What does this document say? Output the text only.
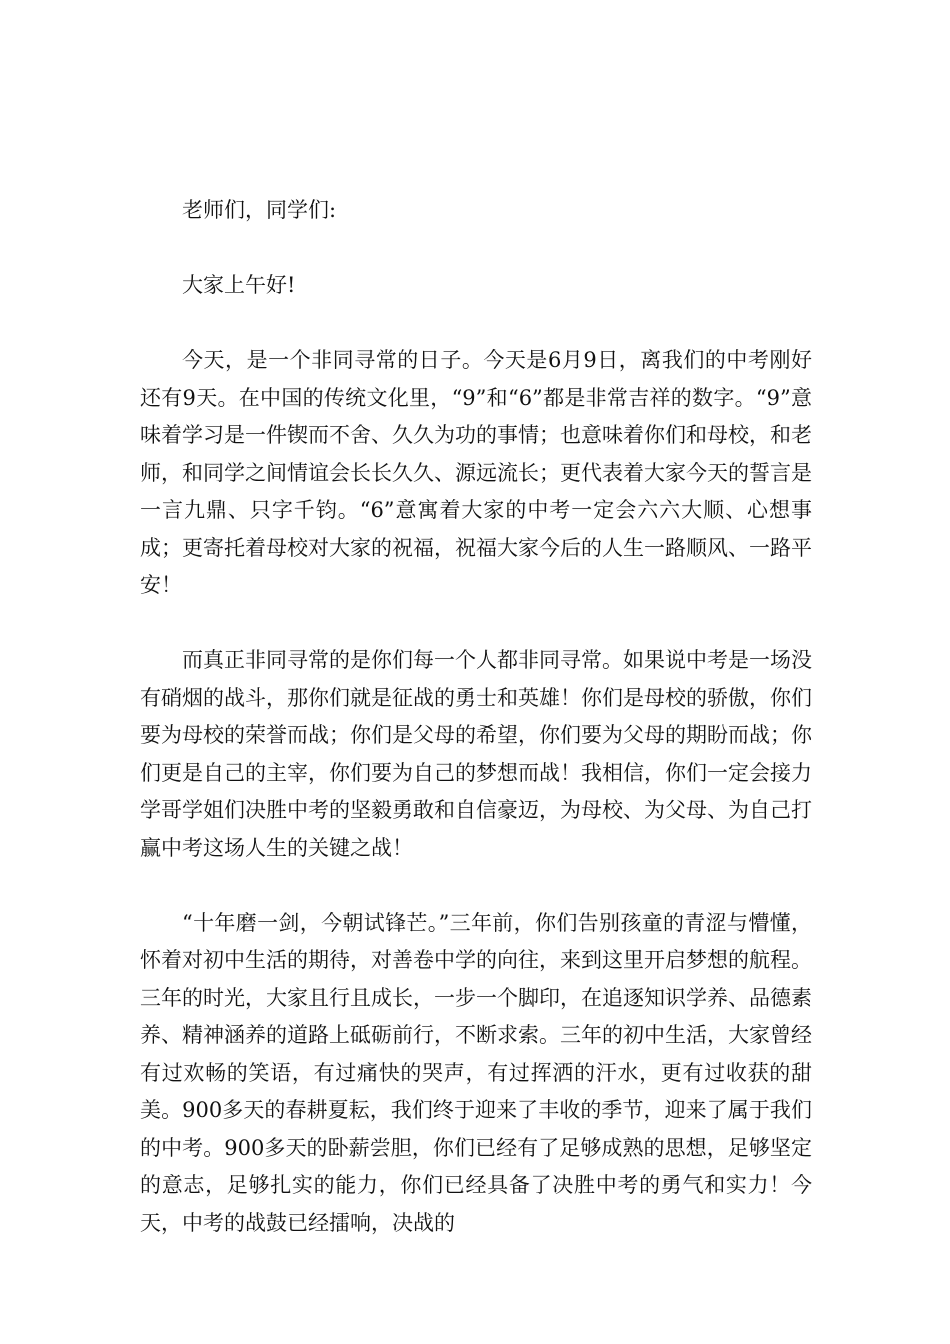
老师们，同学们:

大家上午好!

今天，是一个非同寻常的日子。今天是6月9日，离我们的中考刚好还有9天。在中国的传统文化里，“9”和“6”都是非常吉祥的数字。“9”意味着学习是一件锲而不舍、久久为功的事情；也意味着你们和母校，和老师，和同学之间情谊会长长久久、源远流长；更代表着大家今天的誓言是一言九鼎、只字千钧。“6”意寓着大家的中考一定会六六大顺、心想事成；更寄托着母校对大家的祝福，祝福大家今后的人生一路顺风、一路平安！

而真正非同寻常的是你们每一个人都非同寻常。如果说中考是一场没有硝烟的战斗，那你们就是征战的勇士和英雄！你们是母校的骄傲，你们要为母校的荣誉而战；你们是父母的希望，你们要为父母的期盼而战；你们更是自己的主宰，你们要为自己的梦想而战！我相信，你们一定会接力学哥学姐们决胜中考的坚毅勇敢和自信豪迈，为母校、为父母、为自己打赢中考这场人生的关键之战！

“十年磨一剑，今朝试锋芒。”三年前，你们告别孩童的青涩与懵懂，怀着对初中生活的期待，对善卷中学的向往，来到这里开启梦想的航程。三年的时光，大家且行且成长，一步一个脚印，在追逐知识学养、品德素养、精神涵养的道路上砥砺前行，不断求索。三年的初中生活，大家曾经有过欢畅的笑语，有过痛快的哭声，有过挥洒的汗水，更有过收获的甜美。900多天的春耕夏耘，我们终于迎来了丰收的季节，迎来了属于我们的中考。900多天的卧薪尝胆，你们已经有了足够成熟的思想，足够坚定的意志，足够扎实的能力，你们已经具备了决胜中考的勇气和实力！今天，中考的战鼓已经擂响，决战的
